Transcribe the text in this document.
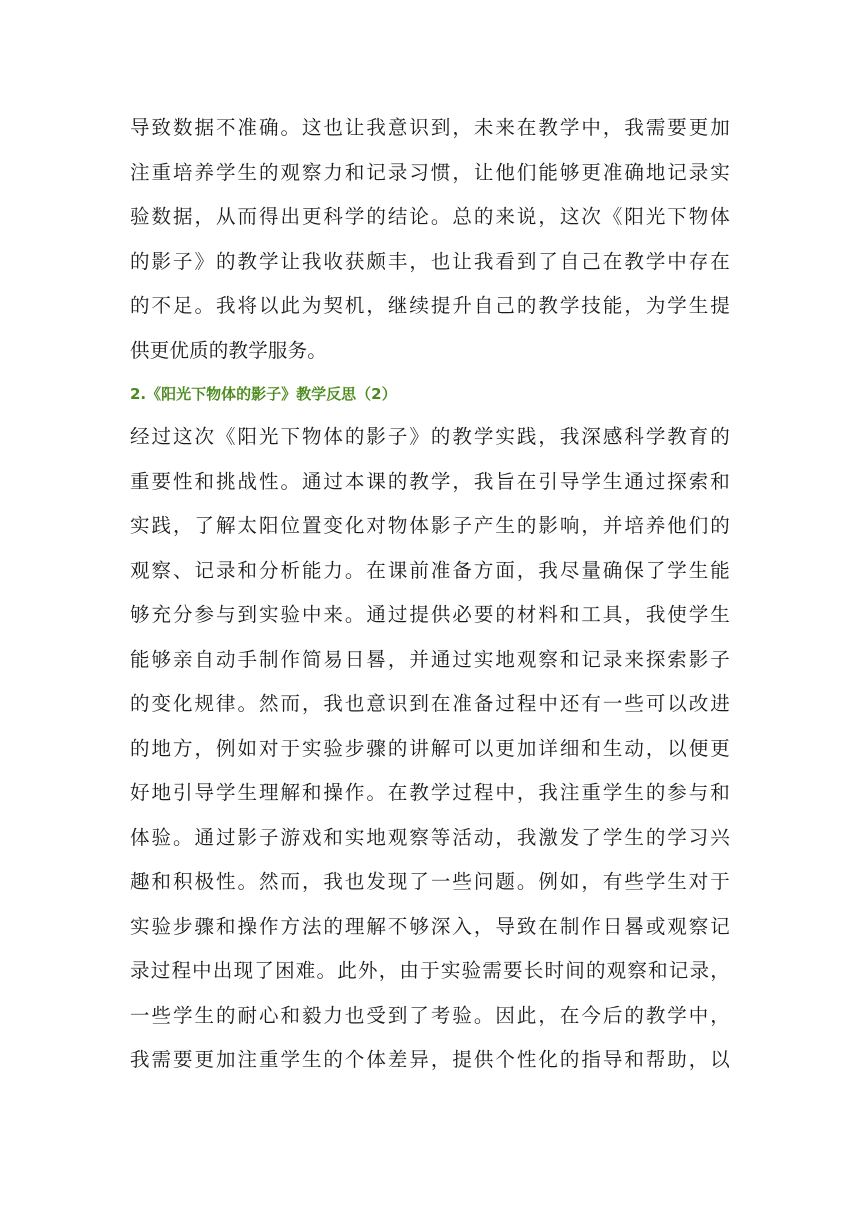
导致数据不准确。这也让我意识到，未来在教学中，我需要更加
注重培养学生的观察力和记录习惯，让他们能够更准确地记录实
验数据，从而得出更科学的结论。总的来说，这次《阳光下物体
的影子》的教学让我收获颇丰，也让我看到了自己在教学中存在
的不足。我将以此为契机，继续提升自己的教学技能，为学生提
供更优质的教学服务。
2.《阳光下物体的影子》教学反思（2）
经过这次《阳光下物体的影子》的教学实践，我深感科学教育的
重要性和挑战性。通过本课的教学，我旨在引导学生通过探索和
实践，了解太阳位置变化对物体影子产生的影响，并培养他们的
观察、记录和分析能力。在课前准备方面，我尽量确保了学生能
够充分参与到实验中来。通过提供必要的材料和工具，我使学生
能够亲自动手制作简易日晷，并通过实地观察和记录来探索影子
的变化规律。然而，我也意识到在准备过程中还有一些可以改进
的地方，例如对于实验步骤的讲解可以更加详细和生动，以便更
好地引导学生理解和操作。在教学过程中，我注重学生的参与和
体验。通过影子游戏和实地观察等活动，我激发了学生的学习兴
趣和积极性。然而，我也发现了一些问题。例如，有些学生对于
实验步骤和操作方法的理解不够深入，导致在制作日晷或观察记
录过程中出现了困难。此外，由于实验需要长时间的观察和记录，
一些学生的耐心和毅力也受到了考验。因此，在今后的教学中，
我需要更加注重学生的个体差异，提供个性化的指导和帮助，以
